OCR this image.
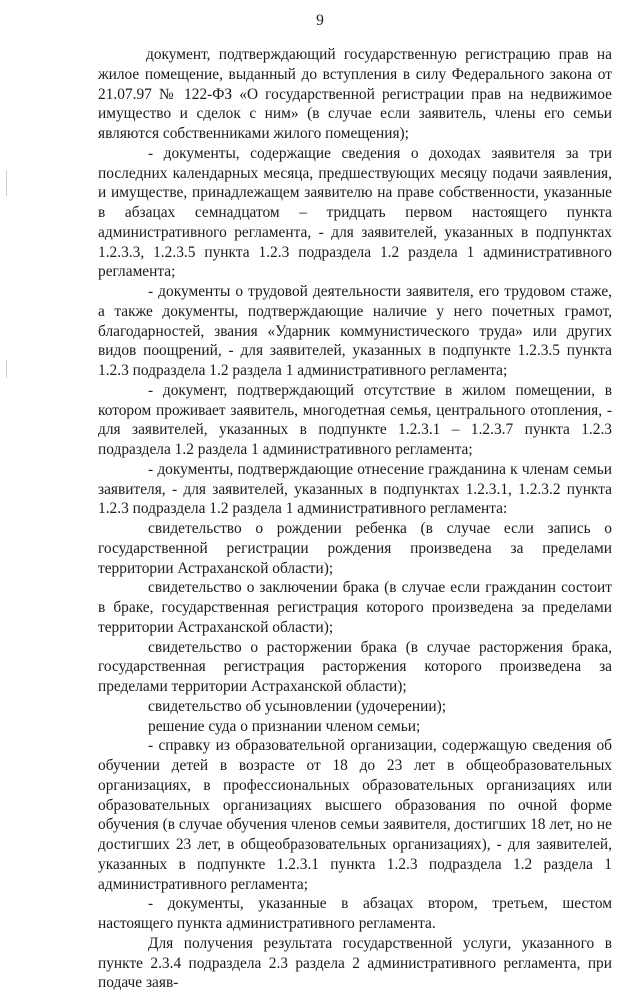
9

документ, подтверждающий государственную регистрацию прав на жилое помещение, выданный до вступления в силу Федерального закона от 21.07.97 № 122-ФЗ «О государственной регистрации прав на недвижимое имущество и сделок с ним» (в случае если заявитель, члены его семьи являются собственниками жилого помещения);

- документы, содержащие сведения о доходах заявителя за три последних календарных месяца, предшествующих месяцу подачи заявления, и имуществе, принадлежащем заявителю на праве собственности, указанные в абзацах семнадцатом – тридцать первом настоящего пункта административного регламента, - для заявителей, указанных в подпунктах 1.2.3.3, 1.2.3.5 пункта 1.2.3 подраздела 1.2 раздела 1 административного регламента;

- документы о трудовой деятельности заявителя, его трудовом стаже, а также документы, подтверждающие наличие у него почетных грамот, благодарностей, звания «Ударник коммунистического труда» или других видов поощрений, - для заявителей, указанных в подпункте 1.2.3.5 пункта 1.2.3 подраздела 1.2 раздела 1 административного регламента;

- документ, подтверждающий отсутствие в жилом помещении, в котором проживает заявитель, многодетная семья, центрального отопления, - для заявителей, указанных в подпункте 1.2.3.1 – 1.2.3.7 пункта 1.2.3 подраздела 1.2 раздела 1 административного регламента;

- документы, подтверждающие отнесение гражданина к членам семьи заявителя, - для заявителей, указанных в подпунктах 1.2.3.1, 1.2.3.2 пункта 1.2.3 подраздела 1.2 раздела 1 административного регламента:

свидетельство о рождении ребенка (в случае если запись о государственной регистрации рождения произведена за пределами территории Астраханской области);

свидетельство о заключении брака (в случае если гражданин состоит в браке, государственная регистрация которого произведена за пределами территории Астраханской области);

свидетельство о расторжении брака (в случае расторжения брака, государственная регистрация расторжения которого произведена за пределами территории Астраханской области);

свидетельство об усыновлении (удочерении);

решение суда о признании членом семьи;

- справку из образовательной организации, содержащую сведения об обучении детей в возрасте от 18 до 23 лет в общеобразовательных организациях, в профессиональных образовательных организациях или образовательных организациях высшего образования по очной форме обучения (в случае обучения членов семьи заявителя, достигших 18 лет, но не достигших 23 лет, в общеобразовательных организациях), - для заявителей, указанных в подпункте 1.2.3.1 пункта 1.2.3 подраздела 1.2 раздела 1 административного регламента;

- документы, указанные в абзацах втором, третьем, шестом настоящего пункта административного регламента.

Для получения результата государственной услуги, указанного в пункте 2.3.4 подраздела 2.3 раздела 2 административного регламента, при подаче заяв-
